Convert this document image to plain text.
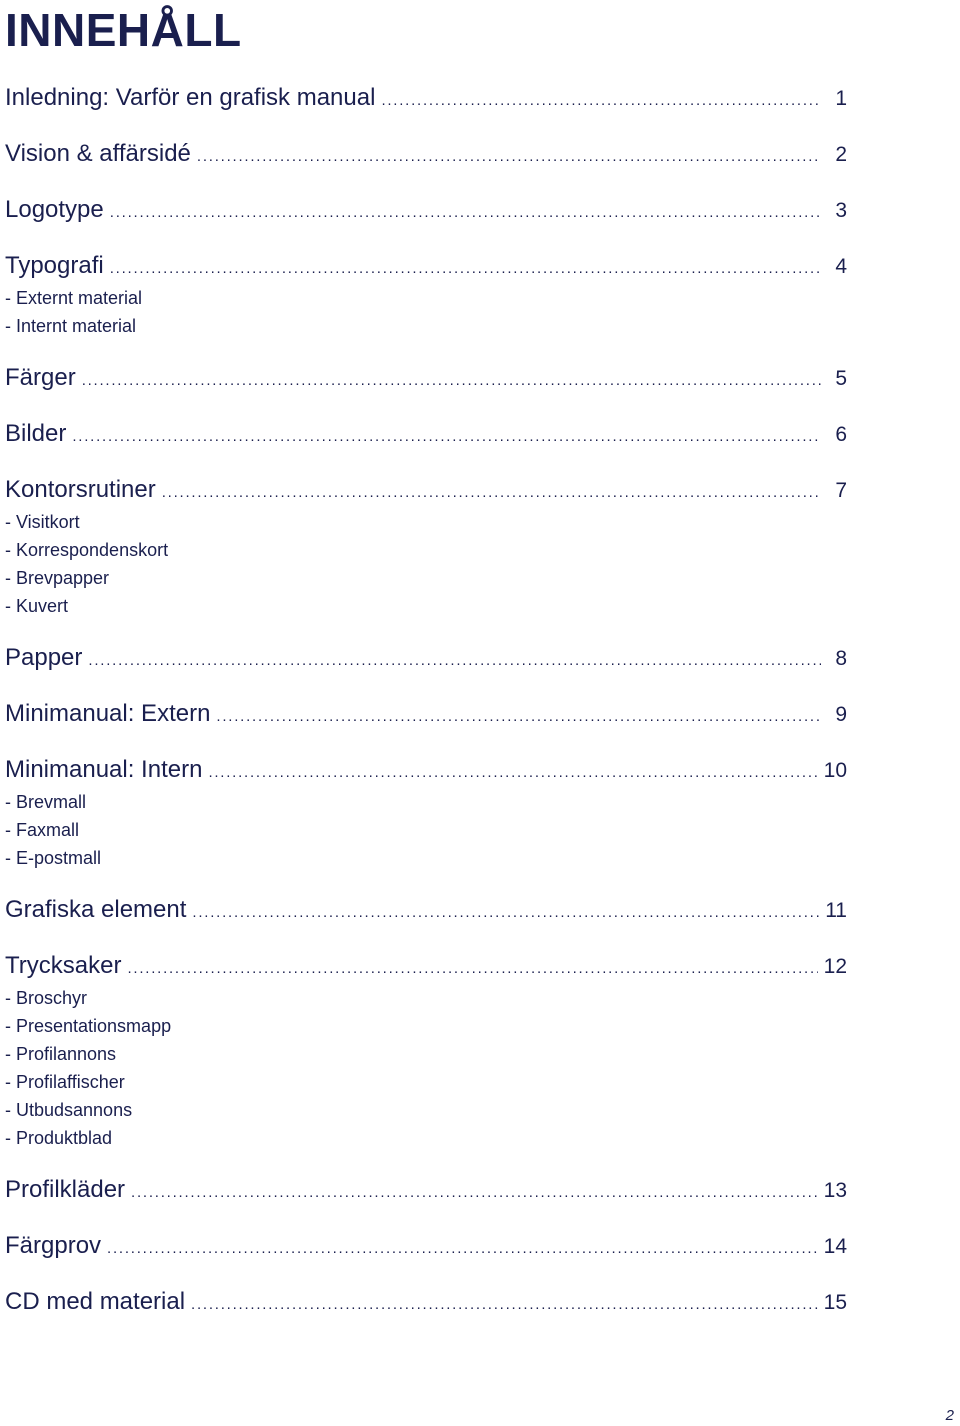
INNEHÅLL
Inledning: Varför en grafisk manual . . .	1
Vision & affärsidé . . .	2
Logotype . . .	3
Typografi . . .	4
- Externt material
- Internt material
Färger . . .	5
Bilder . . .	6
Kontorsrutiner . . .	7
- Visitkort
- Korrespondenskort
- Brevpapper
- Kuvert
Papper . . .	8
Minimanual: Extern . . .	9
Minimanual: Intern . . .	10
- Brevmall
- Faxmall
- E-postmall
Grafiska element . . .	11
Trycksaker . . .	12
- Broschyr
- Presentationsmapp
- Profilannons
- Profilaffischer
- Utbudsannons
- Produktblad
Profilkläder . . .	13
Färgprov . . .	14
CD med material . . .	15
2
